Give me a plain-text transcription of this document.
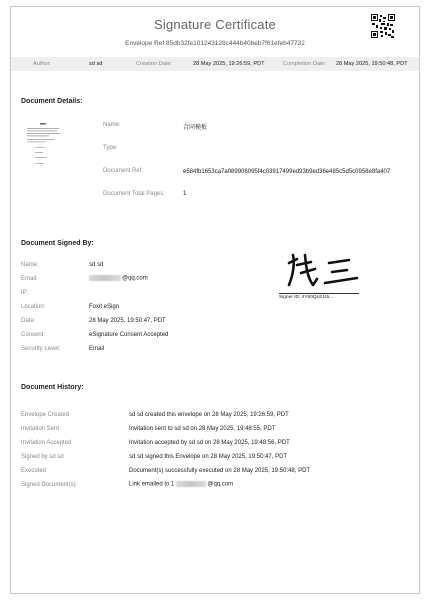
Signature Certificate
Envelope Ref:85db32fe101243128c444b40beb7f61efeb47732
Author:	sd sd	Creation Date:	28 May 2025, 19:26:59, PDT	Completion Date: 28 May 2025, 19:50:48, PDT
Document Details:
Name:	合同模板
Type:
Document Ref:	e584fb1653ca7a089906095f4c03917499ed93b9ed36e485c5d5c0958e8fa407
Document Total Pages:	1
Document Signed By:
Name:	sd sd
Email:	@qq.com
IP:
Location:	Foxit eSign
Date:	28 May 2025, 19:50:47, PDT
Consent:	eSignature Consent Accepted
Security Level:	Email
Signer ID: 4Y60QLE1I5...
Document History:
Envelope Created	sd sd created this envelope on 28 May 2025, 19:26:59, PDT
Invitation Sent	Invitation sent to sd sd on 28 May 2025, 19:48:55, PDT
Invitation Accepted	Invitation accepted by sd sd on 28 May 2025, 19:48:56, PDT
Signed by sd sd	sd sd signed this Envelope on 28 May 2025, 19:50:47, PDT
Executed	Document(s) successfully executed on 28 May 2025, 19:50:48, PDT
Signed Document(s)	Link emailed to 1	@qq.com
